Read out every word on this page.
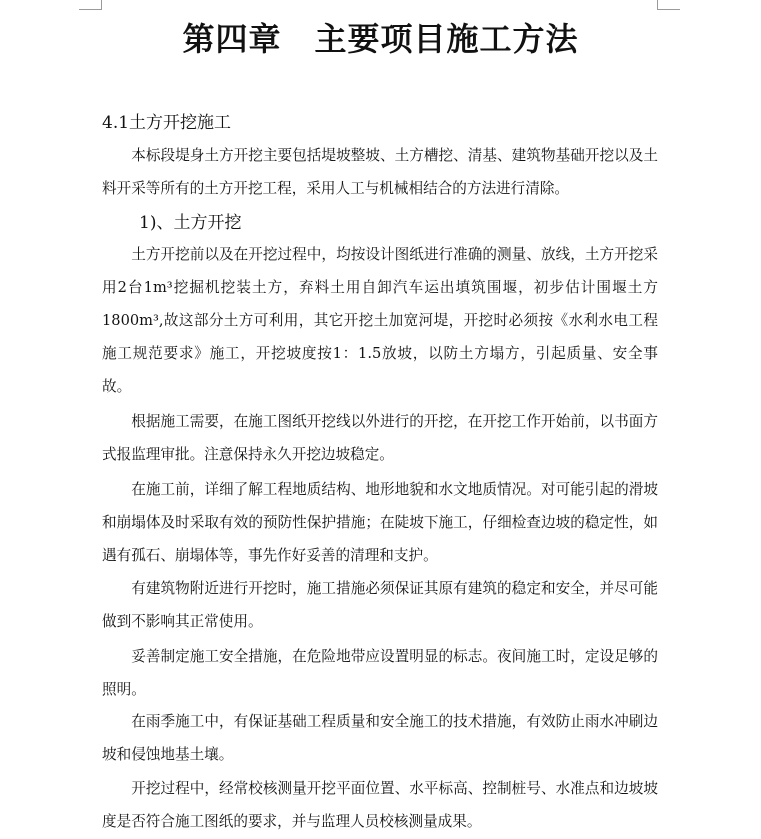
第四章　主要项目施工方法
4.1土方开挖施工

本标段堤身土方开挖主要包括堤坡整坡、土方槽挖、清基、建筑物基础开挖以及土料开采等所有的土方开挖工程，采用人工与机械相结合的方法进行清除。

1)、土方开挖

土方开挖前以及在开挖过程中，均按设计图纸进行准确的测量、放线，土方开挖采用2台1m³挖掘机挖装土方，弃料土用自卸汽车运出填筑围堰，初步估计围堰土方1800m³,故这部分土方可利用，其它开挖土加宽河堤，开挖时必须按《水利水电工程施工规范要求》施工，开挖坡度按1：1.5放坡，以防土方塌方，引起质量、安全事故。

根据施工需要，在施工图纸开挖线以外进行的开挖，在开挖工作开始前，以书面方式报监理审批。注意保持永久开挖边坡稳定。

在施工前，详细了解工程地质结构、地形地貌和水文地质情况。对可能引起的滑坡和崩塌体及时采取有效的预防性保护措施；在陡坡下施工，仔细检查边坡的稳定性，如遇有孤石、崩塌体等，事先作好妥善的清理和支护。

有建筑物附近进行开挖时，施工措施必须保证其原有建筑的稳定和安全，并尽可能做到不影响其正常使用。

妥善制定施工安全措施，在危险地带应设置明显的标志。夜间施工时，定设足够的照明。

在雨季施工中，有保证基础工程质量和安全施工的技术措施，有效防止雨水冲刷边坡和侵蚀地基土壤。

开挖过程中，经常校核测量开挖平面位置、水平标高、控制桩号、水准点和边坡坡度是否符合施工图纸的要求，并与监理人员校核测量成果。
